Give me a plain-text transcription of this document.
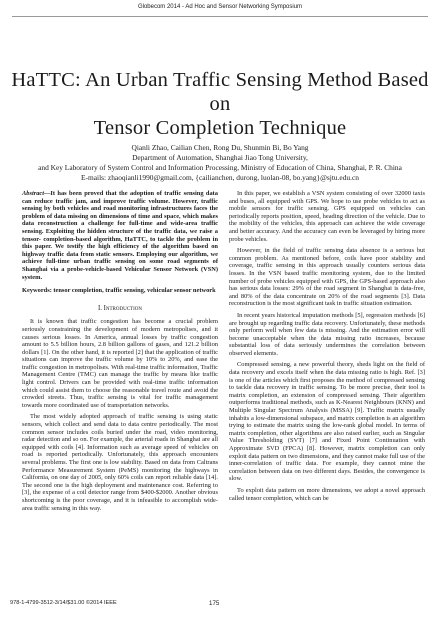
Globecom 2014 - Ad Hoc and Sensor Networking Symposium
HaTTC: An Urban Traffic Sensing Method Based on
Tensor Completion Technique
Qianli Zhao, Cailian Chen, Rong Du, Shunmin Bi, Bo Yang
Department of Automation, Shanghai Jiao Tong University,
and Key Laboratory of System Control and Information Processing, Ministry of Education of China, Shanghai, P. R. China
E-mails: zhaoqianli1990@gmail.com, {cailianchen, durong, luolan-08, bo.yang}@sjtu.edu.cn
Abstract—It has been proved that the adoption of traffic sensing data can reduce traffic jam, and improve traffic volume. However, traffic sensing by both vehicles and road monitoring infrastructures faces the problem of data missing on dimensions of time and space, which makes data reconstruction a challenge for full-time and wide-area traffic sensing. Exploiting the hidden structure of the traffic data, we raise a tensor- completion-based algorithm, HaTTC, to tackle the problem in this paper. We testify the high efficiency of the algorithm based on highway traffic data from static sensors. Employing our algorithm, we achieve full-time urban traffic sensing on some road segments of Shanghai via a probe-vehicle-based Vehicular Sensor Network (VSN) system.
Keywords: tensor completion, traffic sensing, vehicular sensor network
I. Introduction

It is known that traffic congestion has become a crucial problem seriously constraining the development of modern metropolises, and it causes serious losses. In America, annual losses by traffic congestion amount to 5.5 billion hours, 2.8 billion gallons of gases, and 121.2 billion dollars [1]. On the other hand, it is reported [2] that the application of traffic situations can improve the traffic volume by 10% to 20%, and ease the traffic congestion in metropolises. With real-time traffic information, Traffic Management Centre (TMC) can manage the traffic by means like traffic light control. Drivers can be provided with real-time traffic information which could assist them to choose the reasonable travel route and avoid the crowded streets. Thus, traffic sensing is vital for traffic management towards more coordinated use of transportation networks.

The most widely adopted approach of traffic sensing is using static sensors, which collect and send data to data centre periodically. The most common sensor includes coils buried under the road, video monitoring, radar detection and so on. For example, the arterial roads in Shanghai are all equipped with coils [4]. Information such as average speed of vehicles on road is reported periodically. Unfortunately, this approach encounters several problems. The first one is low stability. Based on data from Caltrans Performance Measurement System (PeMS) monitoring the highways in California, on one day of 2005, only 60% coils can report reliable data [14]. The second one is the high deployment and maintenance cost. Referring to [3], the expense of a coil detector range from $400-$2000. Another obvious shortcoming is the poor coverage, and it is infeasible to accomplish wide-area traffic sensing in this way.

In this paper, we establish a VSN system consisting of over 32000 taxis and buses, all equipped with GPS. We hope to use probe vehicles to act as mobile sensors for traffic sensing. GPS equipped on vehicles can periodically reports position, speed, heading direction of the vehicle. Due to the mobility of the vehicles, this approach can achieve the wide coverage and better accuracy. And the accuracy can even be leveraged by hiring more probe vehicles.

However, in the field of traffic sensing data absence is a serious but common problem. As mentioned before, coils have poor stability and coverage, traffic sensing in this approach usually counters serious data losses. In the VSN based traffic monitoring system, due to the limited number of probe vehicles equipped with GPS, the GPS-based approach also has serious data losses: 29% of the road segment in Shanghai is data-free, and 80% of the data concentrate on 20% of the road segments [3]. Data reconstruction is the most significant task in traffic situation estimation.

In recent years historical imputation methods [5], regression methods [6] are brought up regarding traffic data recovery. Unfortunately, these methods only perform well when few data is missing. And the estimation error will become unacceptable when the data missing ratio increases, because substantial loss of data seriously undermines the correlation between observed elements.

Compressed sensing, a new powerful theory, sheds light on the field of data recovery and excels itself when the data missing ratio is high. Ref. [3] is one of the articles which first proposes the method of compressed sensing to tackle data recovery in traffic sensing. To be more precise, their tool is matrix completion, an extension of compressed sensing. Their algorithm outperforms traditional methods, such as K-Nearest Neighbours (KNN) and Multiple Singular Spectrum Analysis (MSSA) [9]. Traffic matrix usually inhabits a low-dimensional subspace, and matrix completion is an algorithm trying to estimate the matrix using the low-rank global model. In terms of matrix completion, other algorithms are also raised earlier, such as Singular Value Thresholding (SVT) [7] and Fixed Point Continuation with Approximate SVD (FPCA) [8]. However, matrix completion can only exploit data pattern on two dimensions, and they cannot make full use of the inner-correlation of traffic data. For example, they cannot mine the correlation between data on two different days. Besides, the convergence is slow.

To exploit data pattern on more dimensions, we adopt a novel approach called tensor completion, which can be

978-1-4799-3512-3/14/$31.00 ©2014 IEEE	175
